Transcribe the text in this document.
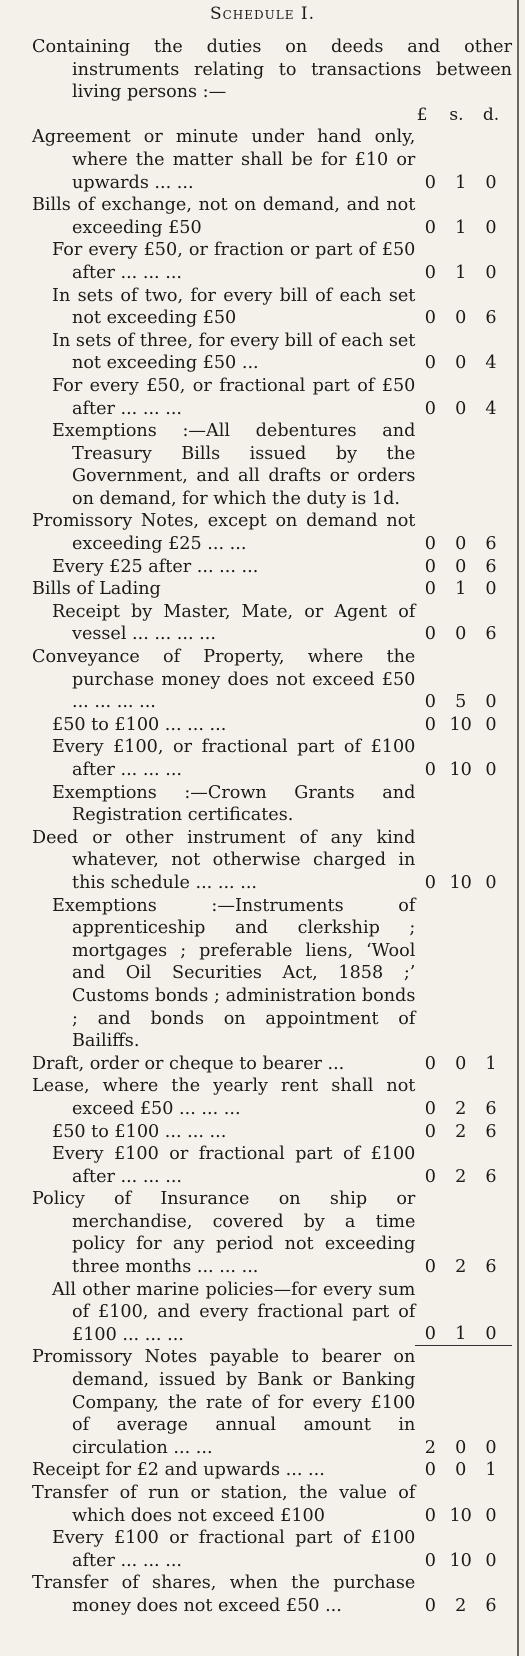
Schedule I.
Containing the duties on deeds and other instruments relating to transactions between living persons :—
£	s.	d.
Agreement or minute under hand only, where the matter shall be for £10 or upwards ... ...	0	1	0
Bills of exchange, not on demand, and not exceeding £50	0	1	0
For every £50, or fraction or part of £50 after ... ... ...	0	1	0
In sets of two, for every bill of each set not exceeding £50	0	0	6
In sets of three, for every bill of each set not exceeding £50 ...	0	0	4
For every £50, or fractional part of £50 after ... ... ...	0	0	4
Exemptions :—All debentures and Treasury Bills issued by the Government, and all drafts or orders on demand, for which the duty is 1d.
Promissory Notes, except on demand not exceeding £25 ... ...	0	0	6
Every £25 after ... ... ...	0	0	6
Bills of Lading	0	1	0
Receipt by Master, Mate, or Agent of vessel ... ... ... ...	0	0	6
Conveyance of Property, where the purchase money does not exceed £50 ... ... ... ...	0	5	0
£50 to £100 ... ... ...	0 10 0
Every £100, or fractional part of £100 after ... ... ...	0 10 0
Exemptions :—Crown Grants and Registration certificates.
Deed or other instrument of any kind whatever, not otherwise charged in this schedule ... ... ...	0 10 0
Exemptions :—Instruments of apprenticeship and clerkship ; mortgages ; preferable liens, ‘Wool and Oil Securities Act, 1858 ;’ Customs bonds ; administration bonds ; and bonds on appointment of Bailiffs.
Draft, order or cheque to bearer ...	0	0	1
Lease, where the yearly rent shall not exceed £50 ... ... ...	0	2	6
£50 to £100 ... ... ...	0	2	6
Every £100 or fractional part of £100 after ... ... ...	0	2	6
Policy of Insurance on ship or merchandise, covered by a time policy for any period not exceeding three months ... ... ...	0	2	6
All other marine policies—for every sum of £100, and every fractional part of £100 ... ... ...	0	1	0
Promissory Notes payable to bearer on demand, issued by Bank or Banking Company, the rate of for every £100 of average annual amount in circulation ... ...	2	0	0
Receipt for £2 and upwards ... ...	0	0	1
Transfer of run or station, the value of which does not exceed £100	0 10 0
Every £100 or fractional part of £100 after ... ... ...	0 10 0
Transfer of shares, when the purchase money does not exceed £50 ...	0	2	6
